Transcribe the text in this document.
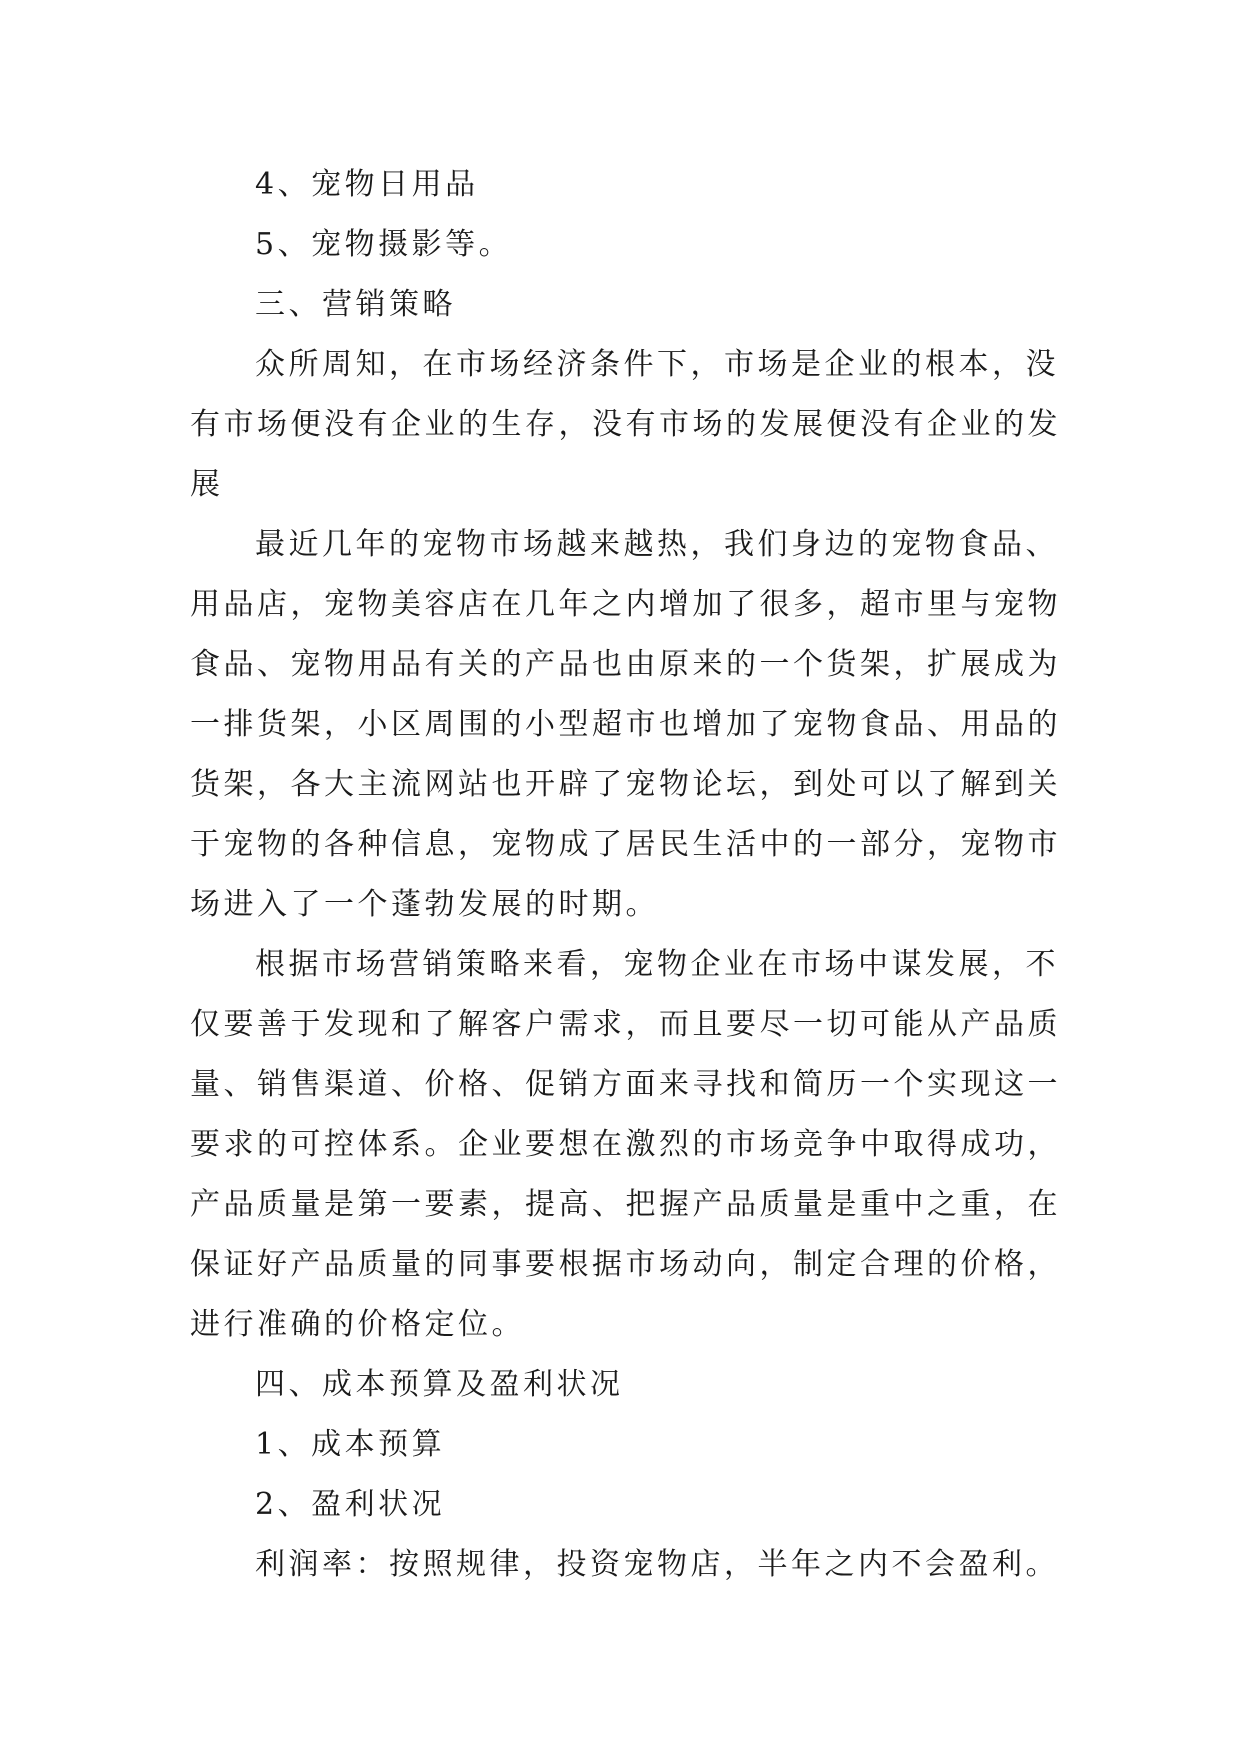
4、宠物日用品
5、宠物摄影等。
三、营销策略
众所周知，在市场经济条件下，市场是企业的根本，没
有市场便没有企业的生存，没有市场的发展便没有企业的发
展
最近几年的宠物市场越来越热，我们身边的宠物食品、
用品店，宠物美容店在几年之内增加了很多，超市里与宠物
食品、宠物用品有关的产品也由原来的一个货架，扩展成为
一排货架，小区周围的小型超市也增加了宠物食品、用品的
货架，各大主流网站也开辟了宠物论坛，到处可以了解到关
于宠物的各种信息，宠物成了居民生活中的一部分，宠物市
场进入了一个蓬勃发展的时期。
根据市场营销策略来看，宠物企业在市场中谋发展，不
仅要善于发现和了解客户需求，而且要尽一切可能从产品质
量、销售渠道、价格、促销方面来寻找和简历一个实现这一
要求的可控体系。企业要想在激烈的市场竞争中取得成功，
产品质量是第一要素，提高、把握产品质量是重中之重，在
保证好产品质量的同事要根据市场动向，制定合理的价格，
进行准确的价格定位。
四、成本预算及盈利状况
1、成本预算
2、盈利状况
利润率：按照规律，投资宠物店，半年之内不会盈利。
